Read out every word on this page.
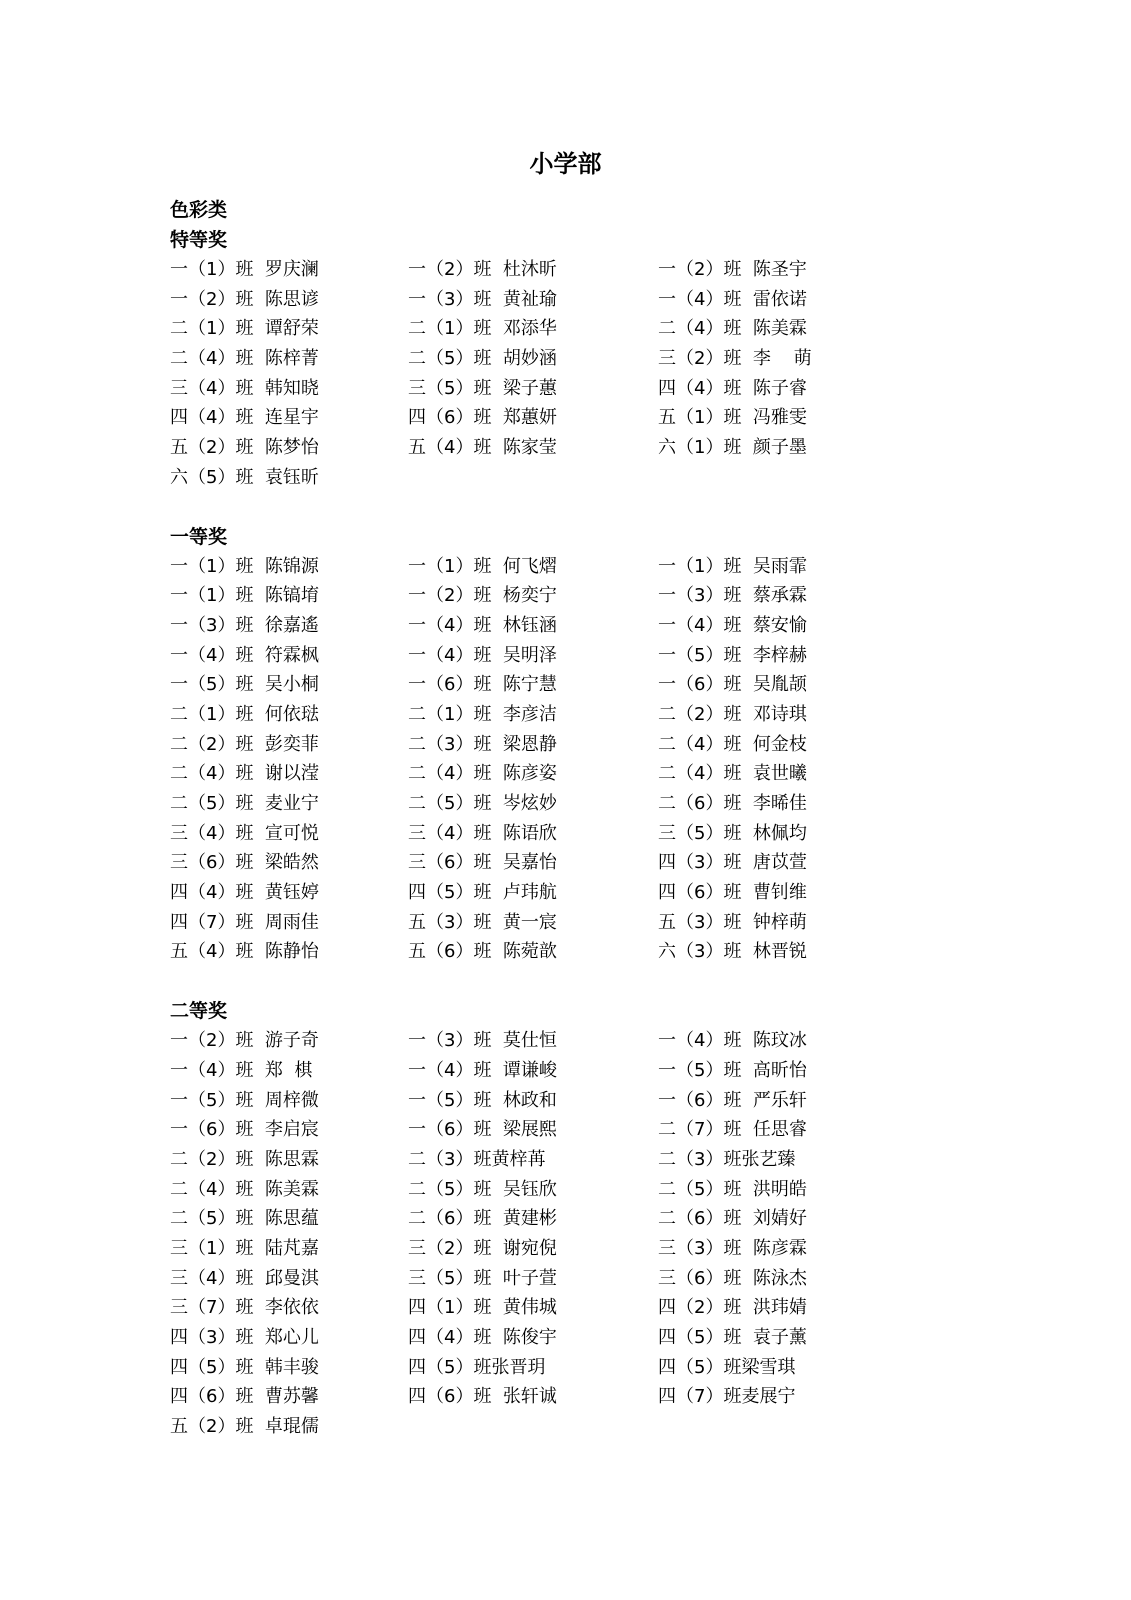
小学部
色彩类
特等奖
一（1）班  罗庆澜	一（2）班  杜沐昕	一（2）班  陈圣宇
一（2）班  陈思谚	一（3）班  黄祉瑜	一（4）班  雷依诺
二（1）班  谭舒荣	二（1）班  邓添华	二（4）班  陈美霖
二（4）班  陈梓菁	二（5）班  胡妙涵	三（2）班  李    萌
三（4）班  韩知晓	三（5）班  梁子蕙	四（4）班  陈子睿
四（4）班  连星宇	四（6）班  郑蕙妍	五（1）班  冯雅雯
五（2）班  陈梦怡	五（4）班  陈家莹	六（1）班  颜子墨
六（5）班  袁钰昕
一等奖
一（1）班  陈锦源	一（1）班  何飞熠	一（1）班  吴雨霏
一（1）班  陈镐堉	一（2）班  杨奕宁	一（3）班  蔡承霖
一（3）班  徐嘉遙	一（4）班  林钰涵	一（4）班  蔡安愉
一（4）班  符霖枫	一（4）班  吴明泽	一（5）班  李梓赫
一（5）班  吴小桐	一（6）班  陈宁慧	一（6）班  吴胤颉
二（1）班  何依琺	二（1）班  李彦洁	二（2）班  邓诗琪
二（2）班  彭奕菲	二（3）班  梁恩静	二（4）班  何金枝
二（4）班  谢以滢	二（4）班  陈彦姿	二（4）班  袁世曦
二（5）班  麦业宁	二（5）班  岑炫妙	二（6）班  李晞佳
三（4）班  宣可悦	三（4）班  陈语欣	三（5）班  林佩均
三（6）班  梁皓然	三（6）班  吴嘉怡	四（3）班  唐苡萱
四（4）班  黄钰婷	四（5）班  卢玮航	四（6）班  曹钊维
四（7）班  周雨佳	五（3）班  黄一宸	五（3）班  钟梓萌
五（4）班  陈静怡	五（6）班  陈菀歆	六（3）班  林晋锐
二等奖
一（2）班  游子奇	一（3）班  莫仕恒	一（4）班  陈玟冰
一（4）班  郑  棋	一（4）班  谭谦峻	一（5）班  高昕怡
一（5）班  周梓微	一（5）班  林政和	一（6）班  严乐轩
一（6）班  李启宸	一（6）班  梁展熙	二（7）班  任思睿
二（2）班  陈思霖	二（3）班黄梓苒	二（3）班张艺臻
二（4）班  陈美霖	二（5）班  吴钰欣	二（5）班  洪明皓
二（5）班  陈思蕴	二（6）班  黄建彬	二（6）班  刘婧好
三（1）班  陆芃嘉	三（2）班  谢宛倪	三（3）班  陈彦霖
三（4）班  邱曼淇	三（5）班  叶子萱	三（6）班  陈泳杰
三（7）班  李依依	四（1）班  黄伟城	四（2）班  洪玮婧
四（3）班  郑心儿	四（4）班  陈俊宇	四（5）班  袁子薰
四（5）班  韩丰骏	四（5）班张晋玥	四（5）班梁雪琪
四（6）班  曹苏馨	四（6）班  张轩诚	四（7）班麦展宁
五（2）班  卓琨儒
